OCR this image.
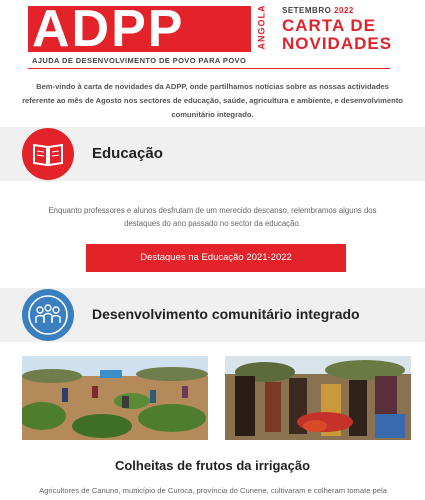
ADPP	ANGOLA
AJUDA DE DESENVOLVIMENTO DE POVO PARA POVO
SETEMBRO 2022
CARTA DE
NOVIDADES
Bem-vindo à carta de novidades da ADPP, onde partilhamos notícias sobre as nossas actividades referente ao mês de Agosto nos sectores de educação, saúde, agricultura e ambiente, e desenvolvimento comunitário integrado.
Educação
Enquanto professores e alunos desfrutam de um merecido descanso, relembramos alguns dos destaques do ano passado no sector da educação.
Destaques na Educação 2021-2022
Desenvolvimento comunitário integrado
Colheitas de frutos da irrigação
Agricultores de Canuno, município de Curoca, província do Cunene, cultivaram e colheram tomate pela
